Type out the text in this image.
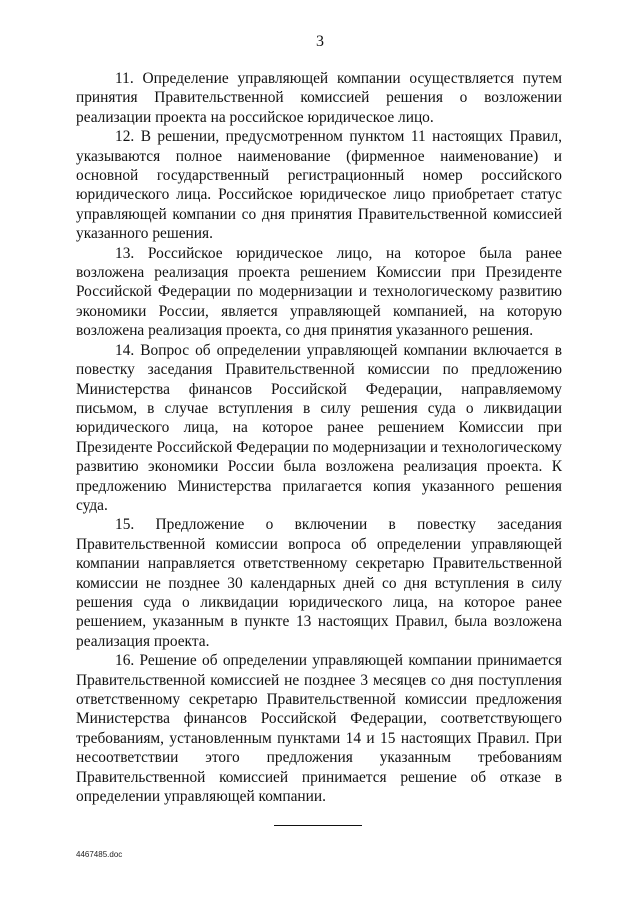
3

11. Определение управляющей компании осуществляется путем принятия Правительственной комиссией решения о возложении реализации проекта на российское юридическое лицо.

12. В решении, предусмотренном пунктом 11 настоящих Правил, указываются полное наименование (фирменное наименование) и основной государственный регистрационный номер российского юридического лица. Российское юридическое лицо приобретает статус управляющей компании со дня принятия Правительственной комиссией указанного решения.

13. Российское юридическое лицо, на которое была ранее возложена реализация проекта решением Комиссии при Президенте Российской Федерации по модернизации и технологическому развитию экономики России, является управляющей компанией, на которую возложена реализация проекта, со дня принятия указанного решения.

14. Вопрос об определении управляющей компании включается в повестку заседания Правительственной комиссии по предложению Министерства финансов Российской Федерации, направляемому письмом, в случае вступления в силу решения суда о ликвидации юридического лица, на которое ранее решением Комиссии при Президенте Российской Федерации по модернизации и технологическому развитию экономики России была возложена реализация проекта. К предложению Министерства прилагается копия указанного решения суда.

15. Предложение о включении в повестку заседания Правительственной комиссии вопроса об определении управляющей компании направляется ответственному секретарю Правительственной комиссии не позднее 30 календарных дней со дня вступления в силу решения суда о ликвидации юридического лица, на которое ранее решением, указанным в пункте 13 настоящих Правил, была возложена реализация проекта.

16. Решение об определении управляющей компании принимается Правительственной комиссией не позднее 3 месяцев со дня поступления ответственному секретарю Правительственной комиссии предложения Министерства финансов Российской Федерации, соответствующего требованиям, установленным пунктами 14 и 15 настоящих Правил. При несоответствии этого предложения указанным требованиям Правительственной комиссией принимается решение об отказе в определении управляющей компании.

4467485.doc
